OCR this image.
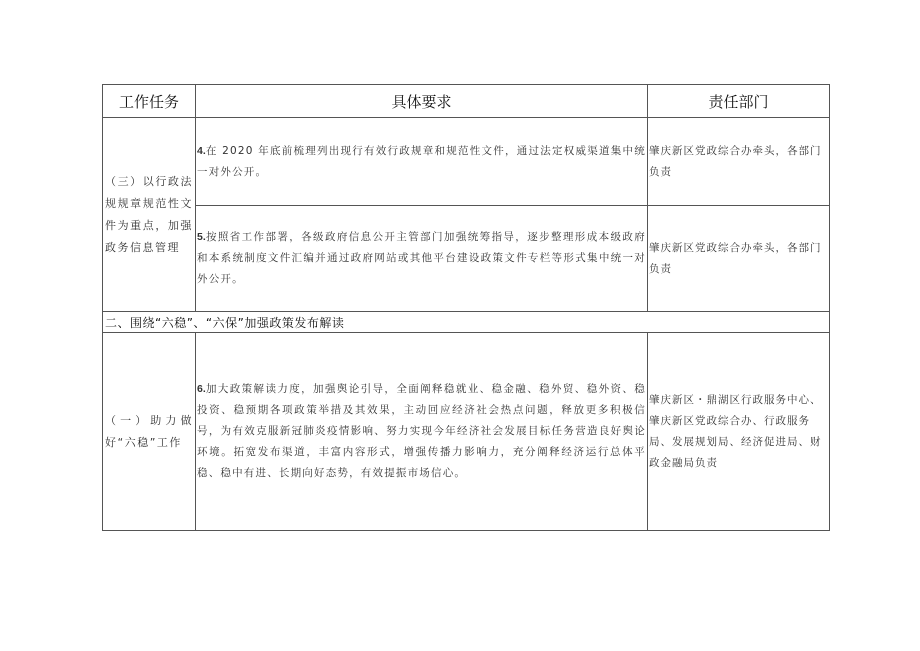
工作任务	具体要求	责任部门
（三）以行政法规规章规范性文件为重点，加强政务信息管理	4.在 2020 年底前梳理列出现行有效行政规章和规范性文件，通过法定权威渠道集中统一对外公开。	肇庆新区党政综合办牵头，各部门负责
	5.按照省工作部署，各级政府信息公开主管部门加强统筹指导，逐步整理形成本级政府和本系统制度文件汇编并通过政府网站或其他平台建设政策文件专栏等形式集中统一对外公开。	肇庆新区党政综合办牵头，各部门负责
二、围绕“六稳”、“六保”加强政策发布解读		
（一）助力做好“六稳”工作	6.加大政策解读力度，加强舆论引导，全面阐释稳就业、稳金融、稳外贸、稳外资、稳投资、稳预期各项政策举措及其效果，主动回应经济社会热点问题，释放更多积极信号，为有效克服新冠肺炎疫情影响、努力实现今年经济社会发展目标任务营造良好舆论环境。拓宽发布渠道，丰富内容形式，增强传播力影响力，充分阐释经济运行总体平稳、稳中有进、长期向好态势，有效提振市场信心。	肇庆新区・鼎湖区行政服务中心、肇庆新区党政综合办、行政服务局、发展规划局、经济促进局、财政金融局负责
